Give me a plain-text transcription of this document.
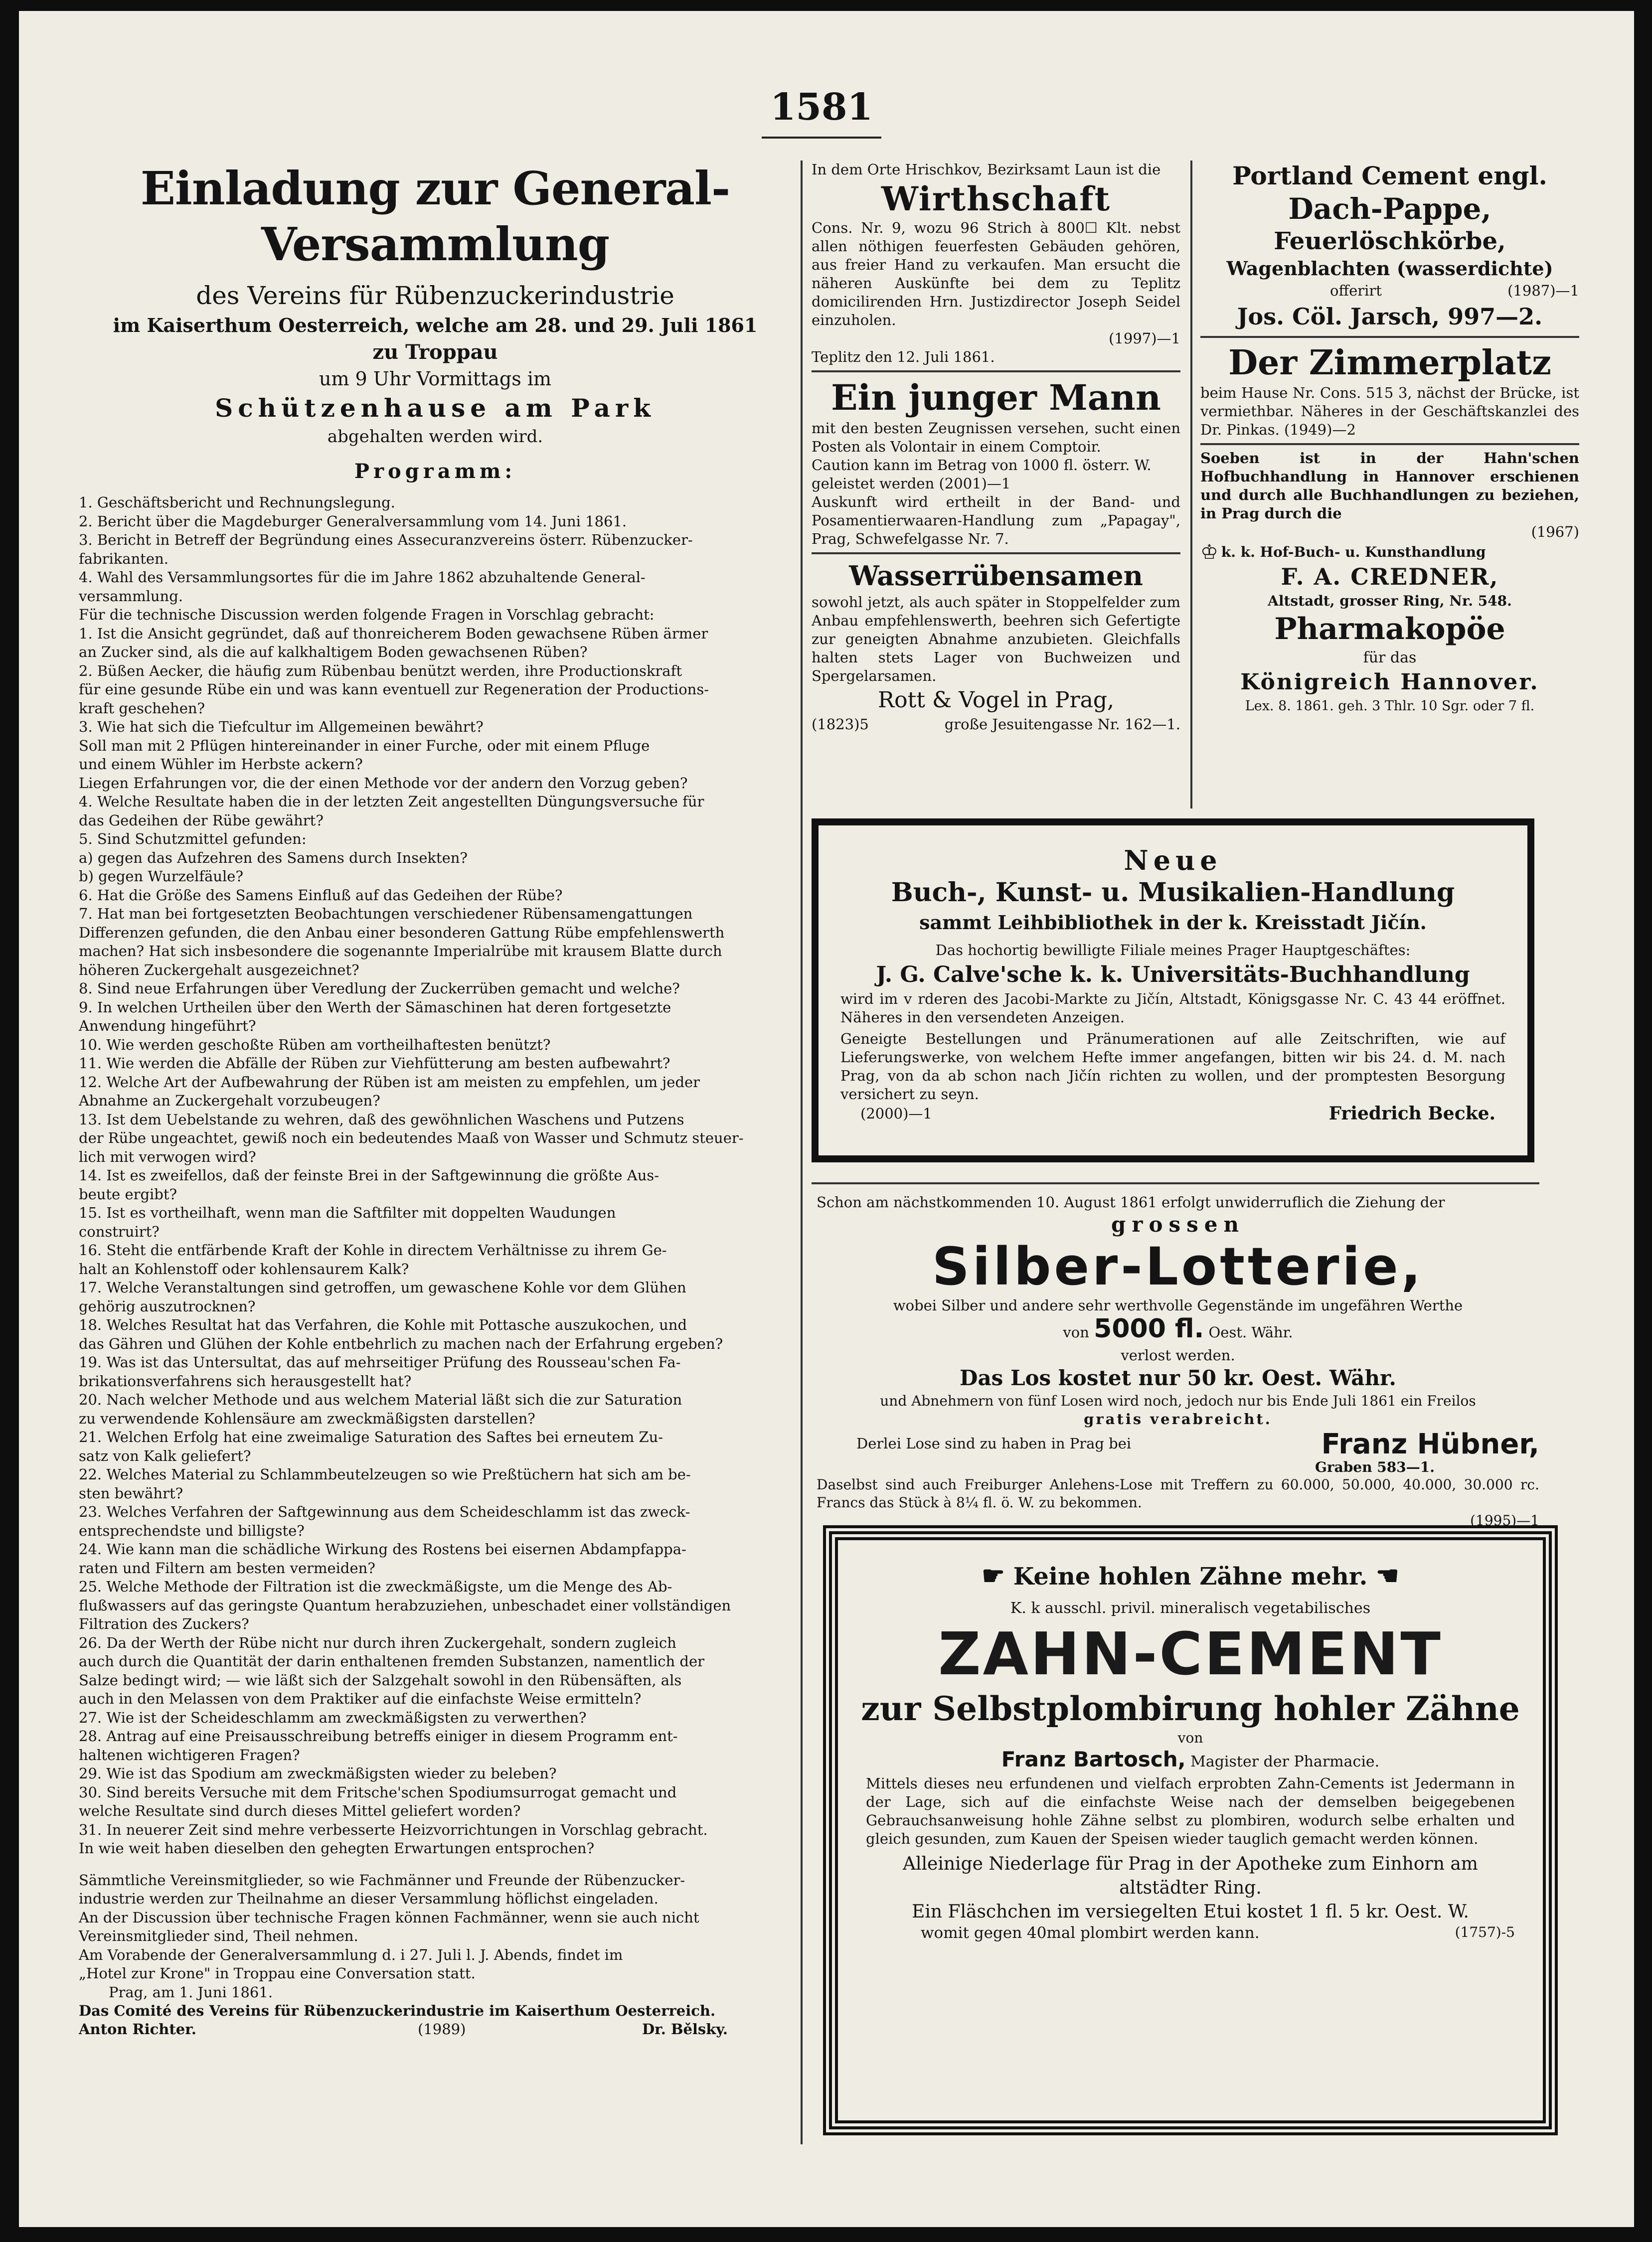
1581
Einladung zur General-Versammlung
des Vereins für Rübenzuckerindustrie
im Kaiserthum Oesterreich, welche am 28. und 29. Juli 1861
zu Troppau
um 9 Uhr Vormittags im
Schützenhause am Park
abgehalten werden wird.
Programm:
1. Geschäftsbericht und Rechnungslegung.
2. Bericht über die Magdeburger Generalversammlung vom 14. Juni 1861.
3. Bericht in Betreff der Begründung eines Assecuranzvereins österr. Rübenzucker-
fabrikanten.
4. Wahl des Versammlungsortes für die im Jahre 1862 abzuhaltende General-
versammlung.
Für die technische Discussion werden folgende Fragen in Vorschlag gebracht:
1. Ist die Ansicht gegründet, daß auf thonreicherem Boden gewachsene Rüben ärmer
an Zucker sind, als die auf kalkhaltigem Boden gewachsenen Rüben?
2. Büßen Aecker, die häufig zum Rübenbau benützt werden, ihre Productionskraft
für eine gesunde Rübe ein und was kann eventuell zur Regeneration der Productions-
kraft geschehen?
3. Wie hat sich die Tiefcultur im Allgemeinen bewährt?
Soll man mit 2 Pflügen hintereinander in einer Furche, oder mit einem Pfluge
und einem Wühler im Herbste ackern?
Liegen Erfahrungen vor, die der einen Methode vor der andern den Vorzug geben?
4. Welche Resultate haben die in der letzten Zeit angestellten Düngungsversuche für
das Gedeihen der Rübe gewährt?
5. Sind Schutzmittel gefunden:
a) gegen das Aufzehren des Samens durch Insekten?
b) gegen Wurzelfäule?
6. Hat die Größe des Samens Einfluß auf das Gedeihen der Rübe?
7. Hat man bei fortgesetzten Beobachtungen verschiedener Rübensamengattungen
Differenzen gefunden, die den Anbau einer besonderen Gattung Rübe empfehlenswerth
machen? Hat sich insbesondere die sogenannte Imperialrübe mit krausem Blatte durch
höheren Zuckergehalt ausgezeichnet?
8. Sind neue Erfahrungen über Veredlung der Zuckerrüben gemacht und welche?
9. In welchen Urtheilen über den Werth der Sämaschinen hat deren fortgesetzte
Anwendung hingeführt?
10. Wie werden geschoßte Rüben am vortheilhaftesten benützt?
11. Wie werden die Abfälle der Rüben zur Viehfütterung am besten aufbewahrt?
12. Welche Art der Aufbewahrung der Rüben ist am meisten zu empfehlen, um jeder
Abnahme an Zuckergehalt vorzubeugen?
13. Ist dem Uebelstande zu wehren, daß des gewöhnlichen Waschens und Putzens
der Rübe ungeachtet, gewiß noch ein bedeutendes Maaß von Wasser und Schmutz steuer-
lich mit verwogen wird?
14. Ist es zweifellos, daß der feinste Brei in der Saftgewinnung die größte Aus-
beute ergibt?
15. Ist es vortheilhaft, wenn man die Saftfilter mit doppelten Waudungen
construirt?
16. Steht die entfärbende Kraft der Kohle in directem Verhältnisse zu ihrem Ge-
halt an Kohlenstoff oder kohlensaurem Kalk?
17. Welche Veranstaltungen sind getroffen, um gewaschene Kohle vor dem Glühen
gehörig auszutrocknen?
18. Welches Resultat hat das Verfahren, die Kohle mit Pottasche auszukochen, und
das Gähren und Glühen der Kohle entbehrlich zu machen nach der Erfahrung ergeben?
19. Was ist das Untersultat, das auf mehrseitiger Prüfung des Rousseau'schen Fa-
brikationsverfahrens sich herausgestellt hat?
20. Nach welcher Methode und aus welchem Material läßt sich die zur Saturation
zu verwendende Kohlensäure am zweckmäßigsten darstellen?
21. Welchen Erfolg hat eine zweimalige Saturation des Saftes bei erneutem Zu-
satz von Kalk geliefert?
22. Welches Material zu Schlammbeutelzeugen so wie Preßtüchern hat sich am be-
sten bewährt?
23. Welches Verfahren der Saftgewinnung aus dem Scheideschlamm ist das zweck-
entsprechendste und billigste?
24. Wie kann man die schädliche Wirkung des Rostens bei eisernen Abdampfappa-
raten und Filtern am besten vermeiden?
25. Welche Methode der Filtration ist die zweckmäßigste, um die Menge des Ab-
flußwassers auf das geringste Quantum herabzuziehen, unbeschadet einer vollständigen
Filtration des Zuckers?
26. Da der Werth der Rübe nicht nur durch ihren Zuckergehalt, sondern zugleich
auch durch die Quantität der darin enthaltenen fremden Substanzen, namentlich der
Salze bedingt wird; — wie läßt sich der Salzgehalt sowohl in den Rübensäften, als
auch in den Melassen von dem Praktiker auf die einfachste Weise ermitteln?
27. Wie ist der Scheideschlamm am zweckmäßigsten zu verwerthen?
28. Antrag auf eine Preisausschreibung betreffs einiger in diesem Programm ent-
haltenen wichtigeren Fragen?
29. Wie ist das Spodium am zweckmäßigsten wieder zu beleben?
30. Sind bereits Versuche mit dem Fritsche'schen Spodiumsurrogat gemacht und
welche Resultate sind durch dieses Mittel geliefert worden?
31. In neuerer Zeit sind mehre verbesserte Heizvorrichtungen in Vorschlag gebracht.
In wie weit haben dieselben den gehegten Erwartungen entsprochen?
Sämmtliche Vereinsmitglieder, so wie Fachmänner und Freunde der Rübenzucker-
industrie werden zur Theilnahme an dieser Versammlung höflichst eingeladen.
An der Discussion über technische Fragen können Fachmänner, wenn sie auch nicht
Vereinsmitglieder sind, Theil nehmen.
Am Vorabende der Generalversammlung d. i 27. Juli l. J. Abends, findet im
„Hotel zur Krone" in Troppau eine Conversation statt.
Prag, am 1. Juni 1861.
Das Comité des Vereins für Rübenzuckerindustrie im Kaiserthum Oesterreich.
Anton Richter.	(1989)	Dr. Bělsky.
In dem Orte Hrischkov, Bezirksamt Laun ist die
Wirthschaft
Cons. Nr. 9, wozu 96 Strich à 800☐ Klt. nebst allen nöthigen feuerfesten Gebäuden gehören, aus freier Hand zu verkaufen. Man ersucht die näheren Auskünfte bei dem zu Teplitz domicilirenden Hrn. Justizdirector Joseph Seidel einzuholen.
(1997)—1
Teplitz den 12. Juli 1861.
Ein junger Mann
mit den besten Zeugnissen versehen, sucht einen Posten als Volontair in einem Comptoir.
Caution kann im Betrag von 1000 fl. österr. W. geleistet werden (2001)—1
Auskunft wird ertheilt in der Band- und Posamentierwaaren-Handlung zum „Papagay", Prag, Schwefelgasse Nr. 7.
Wasserrübensamen
sowohl jetzt, als auch später in Stoppelfelder zum Anbau empfehlenswerth, beehren sich Gefertigte zur geneigten Abnahme anzubieten. Gleichfalls halten stets Lager von Buchweizen und Spergelarsamen.
Rott & Vogel in Prag,
(1823)5	große Jesuitengasse Nr. 162—1.
Portland Cement engl.
Dach-Pappe,
Feuerlöschkörbe,
Wagenblachten (wasserdichte)
offerirt	(1987)—1
Jos. Cöl. Jarsch, 997—2.
Der Zimmerplatz
beim Hause Nr. Cons. 515 3, nächst der Brücke, ist vermiethbar. Näheres in der Geschäftskanzlei des Dr. Pinkas. (1949)—2
Soeben ist in der Hahn'schen Hofbuchhandlung in Hannover erschienen und durch alle Buchhandlungen zu beziehen, in Prag durch die
(1967)
♔ k. k. Hof-Buch- u. Kunsthandlung
F. A. CREDNER,
Altstadt, grosser Ring, Nr. 548.
Pharmakopöe
für das
Königreich Hannover.
Lex. 8. 1861. geh. 3 Thlr. 10 Sgr. oder 7 fl.
Neue
Buch-, Kunst- u. Musikalien-Handlung
sammt Leihbibliothek in der k. Kreisstadt Jičín.
Das hochortig bewilligte Filiale meines Prager Hauptgeschäftes:
J. G. Calve'sche k. k. Universitäts-Buchhandlung
wird im v rderen des Jacobi-Markte zu Jičín, Altstadt, Königsgasse Nr. C. 43 44 eröffnet. Näheres in den versendeten Anzeigen.
Geneigte Bestellungen und Pränumerationen auf alle Zeitschriften, wie auf Lieferungswerke, von welchem Hefte immer angefangen, bitten wir bis 24. d. M. nach Prag, von da ab schon nach Jičín richten zu wollen, und der promptesten Besorgung versichert zu seyn.
(2000)—1	Friedrich Becke.
Schon am nächstkommenden 10. August 1861 erfolgt unwiderruflich die Ziehung der
grossen
Silber-Lotterie,
wobei Silber und andere sehr werthvolle Gegenstände im ungefähren Werthe
von 5000 fl. Oest. Währ.
verlost werden.
Das Los kostet nur 50 kr. Oest. Währ.
und Abnehmern von fünf Losen wird noch, jedoch nur bis Ende Juli 1861 ein Freilos
gratis verabreicht.
Derlei Lose sind zu haben in Prag bei	Franz Hübner,
Graben 583—1.
Daselbst sind auch Freiburger Anlehens-Lose mit Treffern zu 60.000, 50.000, 40.000, 30.000 rc. Francs das Stück à 8¼ fl. ö. W. zu bekommen.
(1995)—1
☛ Keine hohlen Zähne mehr. ☛
K. k ausschl. privil. mineralisch vegetabilisches
ZAHN-CEMENT
zur Selbstplombirung hohler Zähne
von
Franz Bartosch, Magister der Pharmacie.
Mittels dieses neu erfundenen und vielfach erprobten Zahn-Cements ist Jedermann in der Lage, sich auf die einfachste Weise nach der demselben beigegebenen Gebrauchsanweisung hohle Zähne selbst zu plombiren, wodurch selbe erhalten und gleich gesunden, zum Kauen der Speisen wieder tauglich gemacht werden können.
Alleinige Niederlage für Prag in der Apotheke zum Einhorn am altstädter Ring.
Ein Fläschchen im versiegelten Etui kostet 1 fl. 5 kr. Oest. W.
womit gegen 40mal plombirt werden kann.	(1757)-5
